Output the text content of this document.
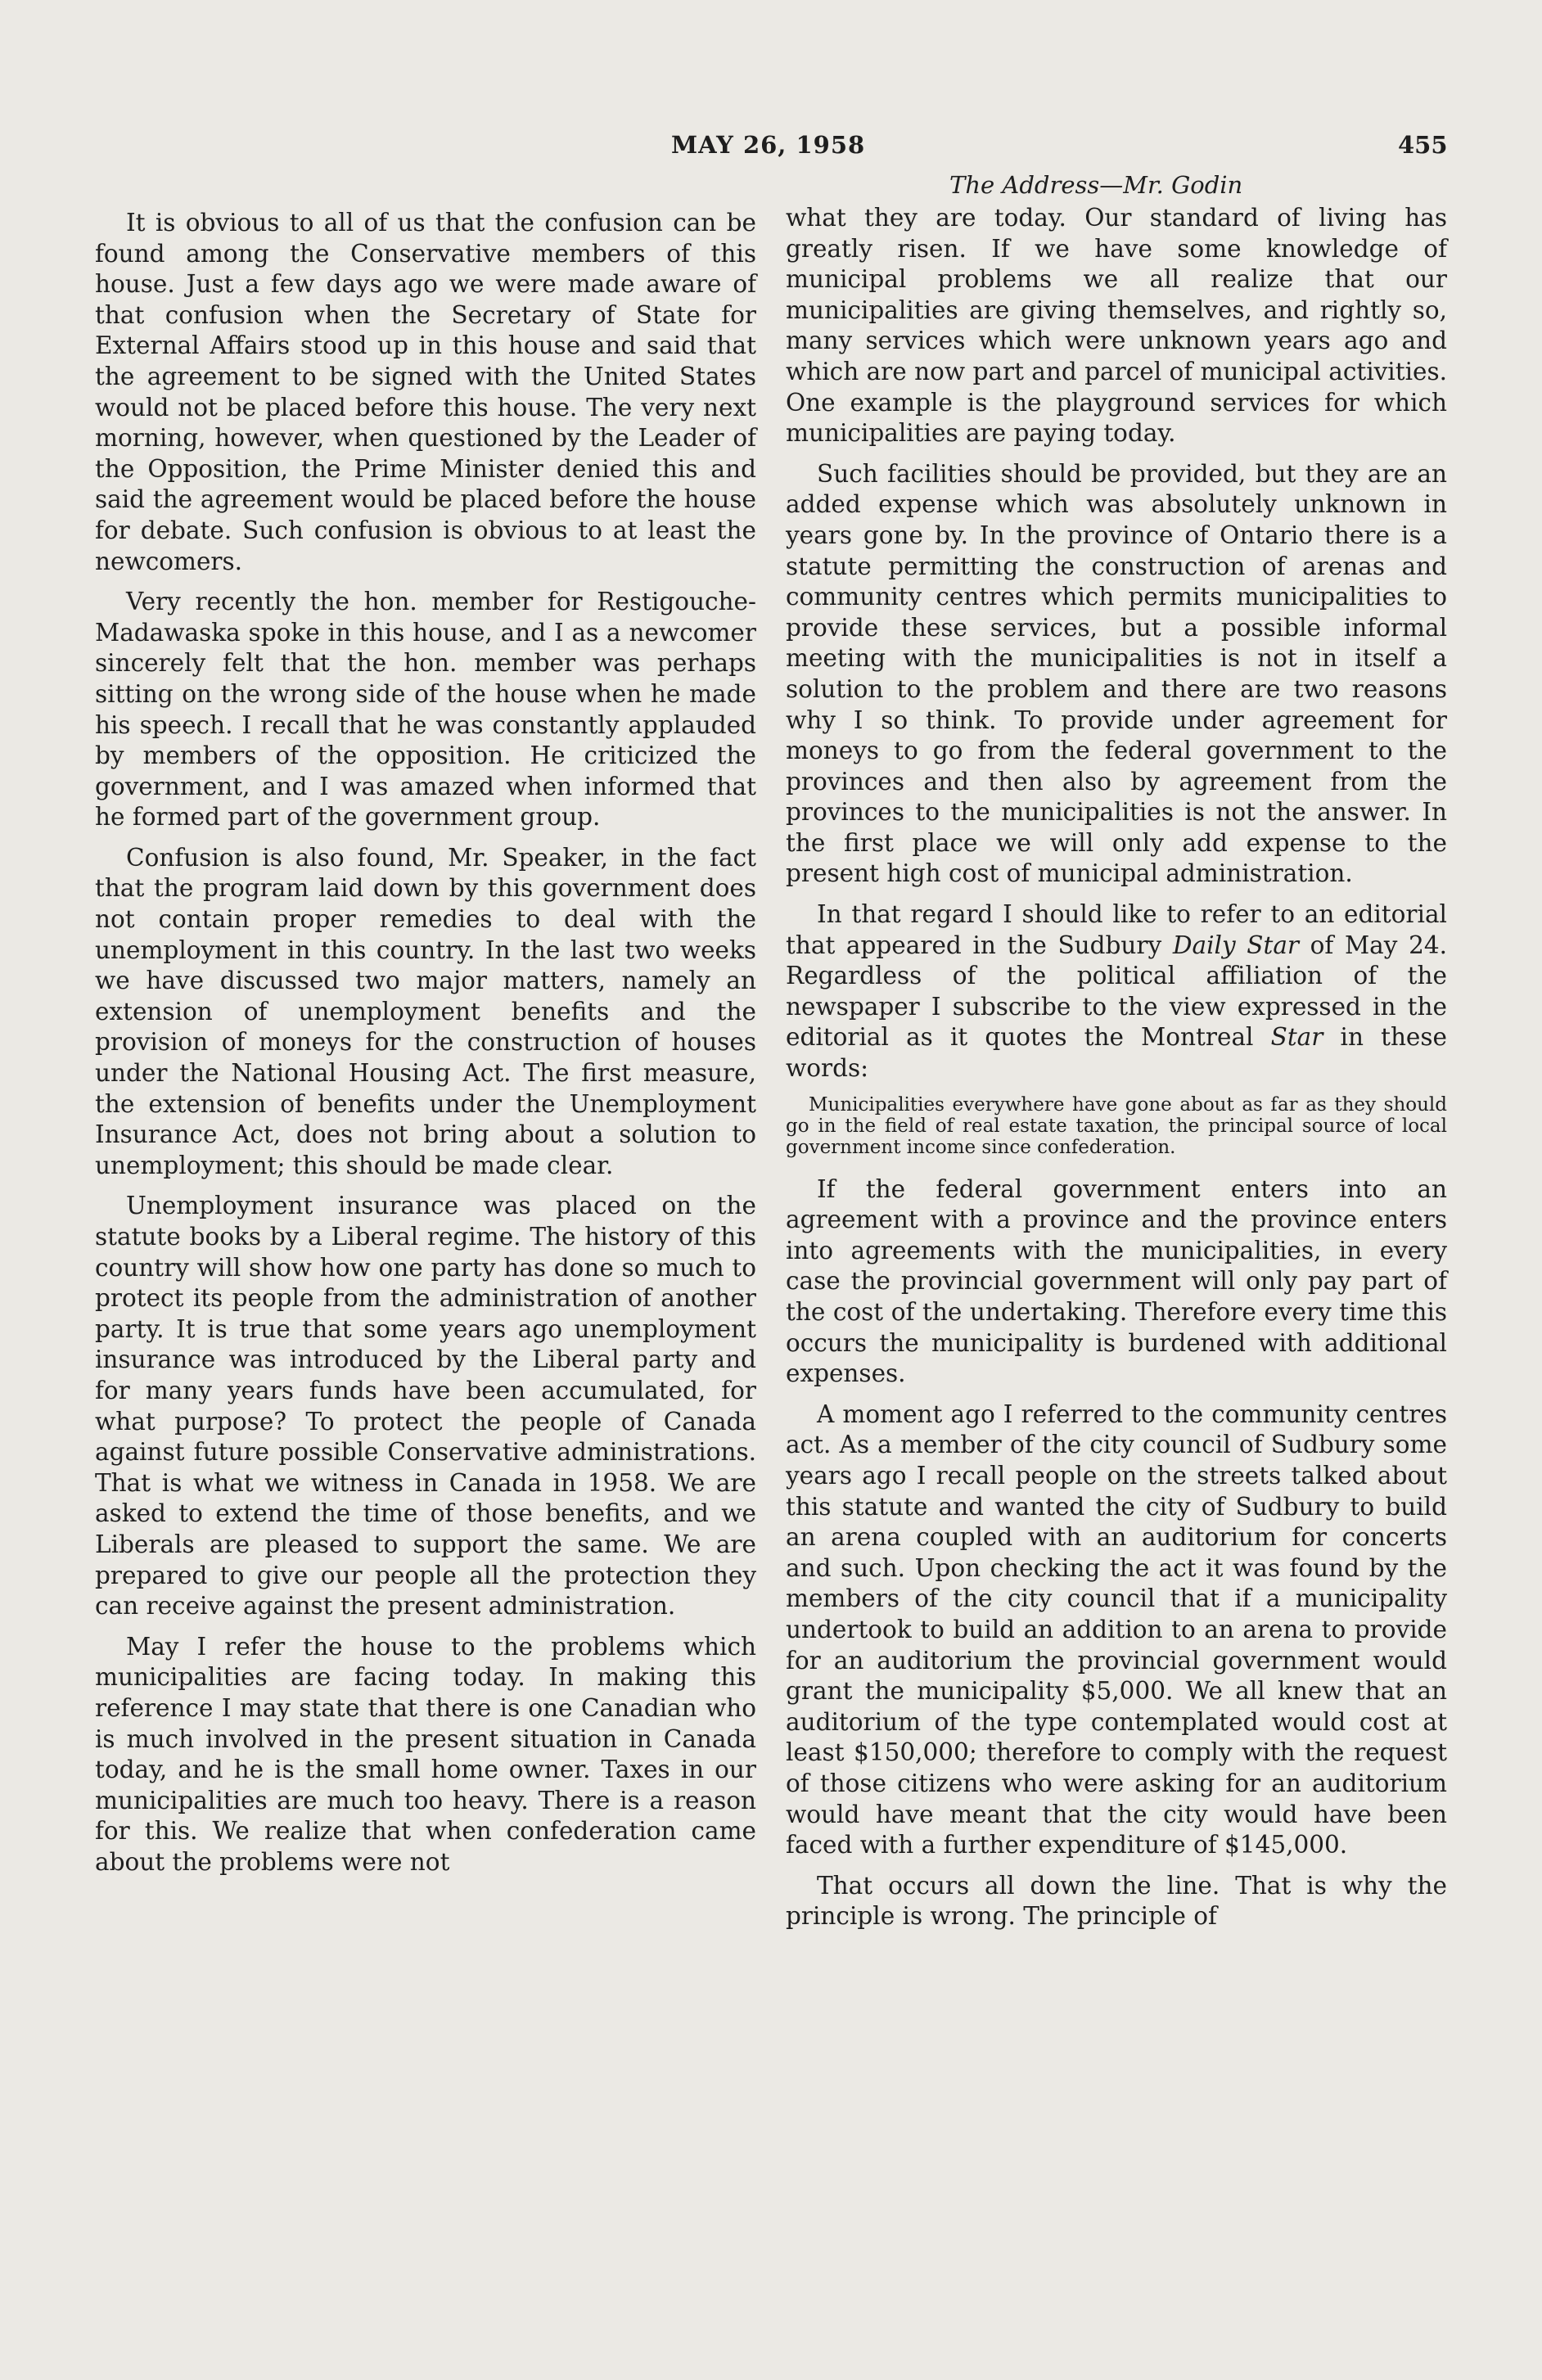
MAY 26, 1958	455
The Address—Mr. Godin

It is obvious to all of us that the confusion can be found among the Conservative members of this house. Just a few days ago we were made aware of that confusion when the Secretary of State for External Affairs stood up in this house and said that the agreement to be signed with the United States would not be placed before this house. The very next morning, however, when questioned by the Leader of the Opposition, the Prime Minister denied this and said the agreement would be placed before the house for debate. Such confusion is obvious to at least the newcomers.

Very recently the hon. member for Restigouche-Madawaska spoke in this house, and I as a newcomer sincerely felt that the hon. member was perhaps sitting on the wrong side of the house when he made his speech. I recall that he was constantly applauded by members of the opposition. He criticized the government, and I was amazed when informed that he formed part of the government group.

Confusion is also found, Mr. Speaker, in the fact that the program laid down by this government does not contain proper remedies to deal with the unemployment in this country. In the last two weeks we have discussed two major matters, namely an extension of unemployment benefits and the provision of moneys for the construction of houses under the National Housing Act. The first measure, the extension of benefits under the Unemployment Insurance Act, does not bring about a solution to unemployment; this should be made clear.

Unemployment insurance was placed on the statute books by a Liberal regime. The history of this country will show how one party has done so much to protect its people from the administration of another party. It is true that some years ago unemployment insurance was introduced by the Liberal party and for many years funds have been accumulated, for what purpose? To protect the people of Canada against future possible Conservative administrations. That is what we witness in Canada in 1958. We are asked to extend the time of those benefits, and we Liberals are pleased to support the same. We are prepared to give our people all the protection they can receive against the present administration.

May I refer the house to the problems which municipalities are facing today. In making this reference I may state that there is one Canadian who is much involved in the present situation in Canada today, and he is the small home owner. Taxes in our municipalities are much too heavy. There is a reason for this. We realize that when confederation came about the problems were not

what they are today. Our standard of living has greatly risen. If we have some knowledge of municipal problems we all realize that our municipalities are giving themselves, and rightly so, many services which were unknown years ago and which are now part and parcel of municipal activities. One example is the playground services for which municipalities are paying today.

Such facilities should be provided, but they are an added expense which was absolutely unknown in years gone by. In the province of Ontario there is a statute permitting the construction of arenas and community centres which permits municipalities to provide these services, but a possible informal meeting with the municipalities is not in itself a solution to the problem and there are two reasons why I so think. To provide under agreement for moneys to go from the federal government to the provinces and then also by agreement from the provinces to the municipalities is not the answer. In the first place we will only add expense to the present high cost of municipal administration.

In that regard I should like to refer to an editorial that appeared in the Sudbury Daily Star of May 24. Regardless of the political affiliation of the newspaper I subscribe to the view expressed in the editorial as it quotes the Montreal Star in these words:

Municipalities everywhere have gone about as far as they should go in the field of real estate taxation, the principal source of local government income since confederation.

If the federal government enters into an agreement with a province and the province enters into agreements with the municipalities, in every case the provincial government will only pay part of the cost of the undertaking. Therefore every time this occurs the municipality is burdened with additional expenses.

A moment ago I referred to the community centres act. As a member of the city council of Sudbury some years ago I recall people on the streets talked about this statute and wanted the city of Sudbury to build an arena coupled with an auditorium for concerts and such. Upon checking the act it was found by the members of the city council that if a municipality undertook to build an addition to an arena to provide for an auditorium the provincial government would grant the municipality $5,000. We all knew that an auditorium of the type contemplated would cost at least $150,000; therefore to comply with the request of those citizens who were asking for an auditorium would have meant that the city would have been faced with a further expenditure of $145,000.

That occurs all down the line. That is why the principle is wrong. The principle of
